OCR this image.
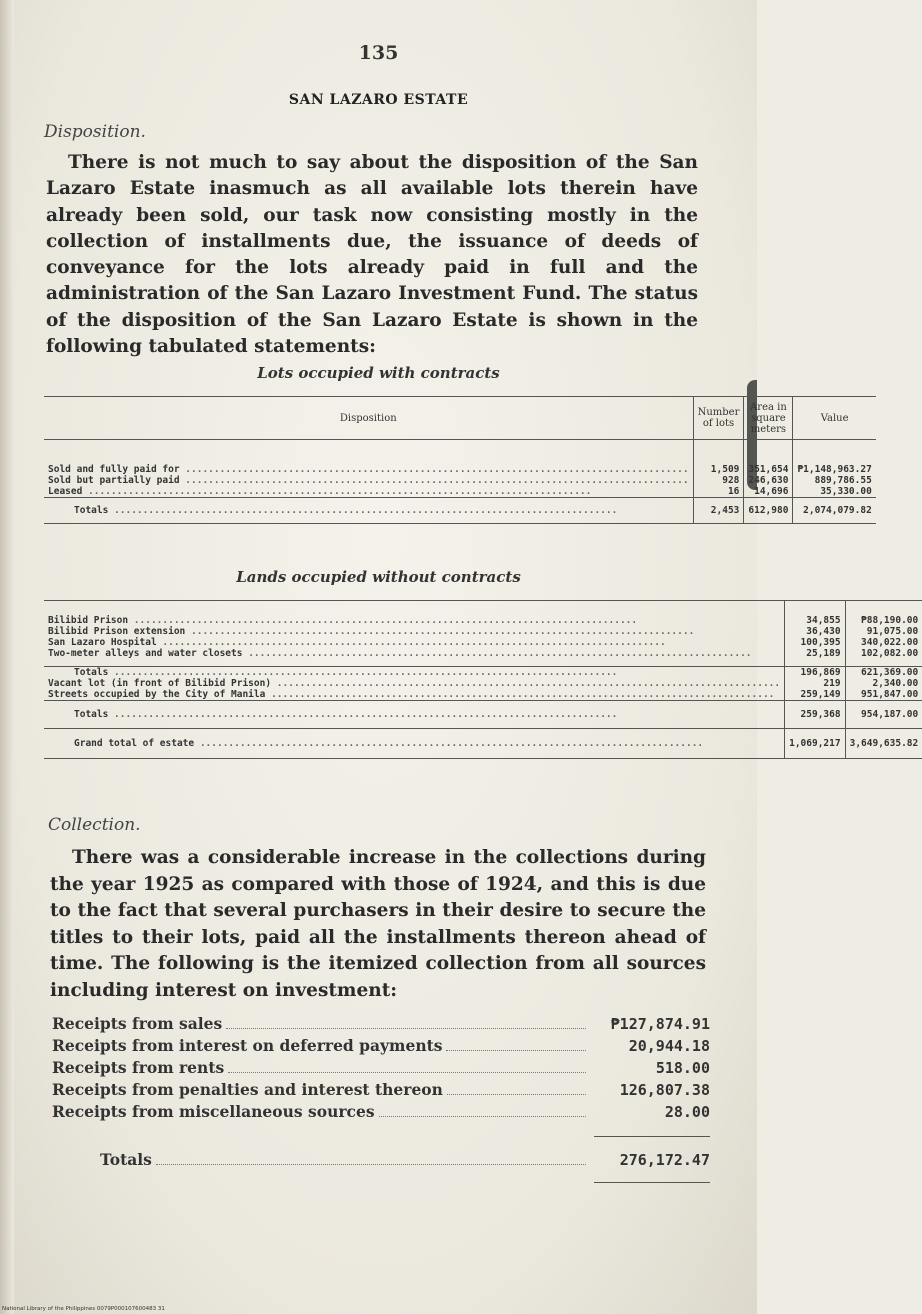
135
SAN LAZARO ESTATE
Disposition.
There is not much to say about the disposition of the San Lazaro Estate inasmuch as all available lots therein have already been sold, our task now consisting mostly in the collection of installments due, the issuance of deeds of conveyance for the lots already paid in full and the administration of the San Lazaro Investment Fund. The status of the disposition of the San Lazaro Estate is shown in the following tabulated statements:
Lots occupied with contracts
Disposition	Number of lots	Area in square meters	Value

Sold and fully paid for .....	1,509	351,654	₱1,148,963.27
Sold but partially paid .....	928	246,630	889,786.55
Leased .....	16	14,696	35,330.00
Totals .....	2,453	612,980	2,074,079.82
Lands occupied without contracts

Bilibid Prison .....	34,855	₱88,190.00
Bilibid Prison extension .....	36,430	91,075.00
San Lazaro Hospital .....	100,395	340,022.00
Two-meter alleys and water closets .....	25,189	102,082.00

Totals .....	196,869	621,369.00
Vacant lot (in front of Bilibid Prison) .....	219	2,340.00
Streets occupied by the City of Manila .....	259,149	951,847.00
Totals .....	259,368	954,187.00
Grand total of estate .....	1,069,217	3,649,635.82
Collection.
There was a considerable increase in the collections during the year 1925 as compared with those of 1924, and this is due to the fact that several purchasers in their desire to secure the titles to their lots, paid all the installments thereon ahead of time. The following is the itemized collection from all sources including interest on investment:
Receipts from sales	₱127,874.91
Receipts from interest on deferred payments	20,944.18
Receipts from rents	518.00
Receipts from penalties and interest thereon	126,807.38
Receipts from miscellaneous sources	28.00
Totals	276,172.47
National Library of the Philippines 0079P000107600483 31
